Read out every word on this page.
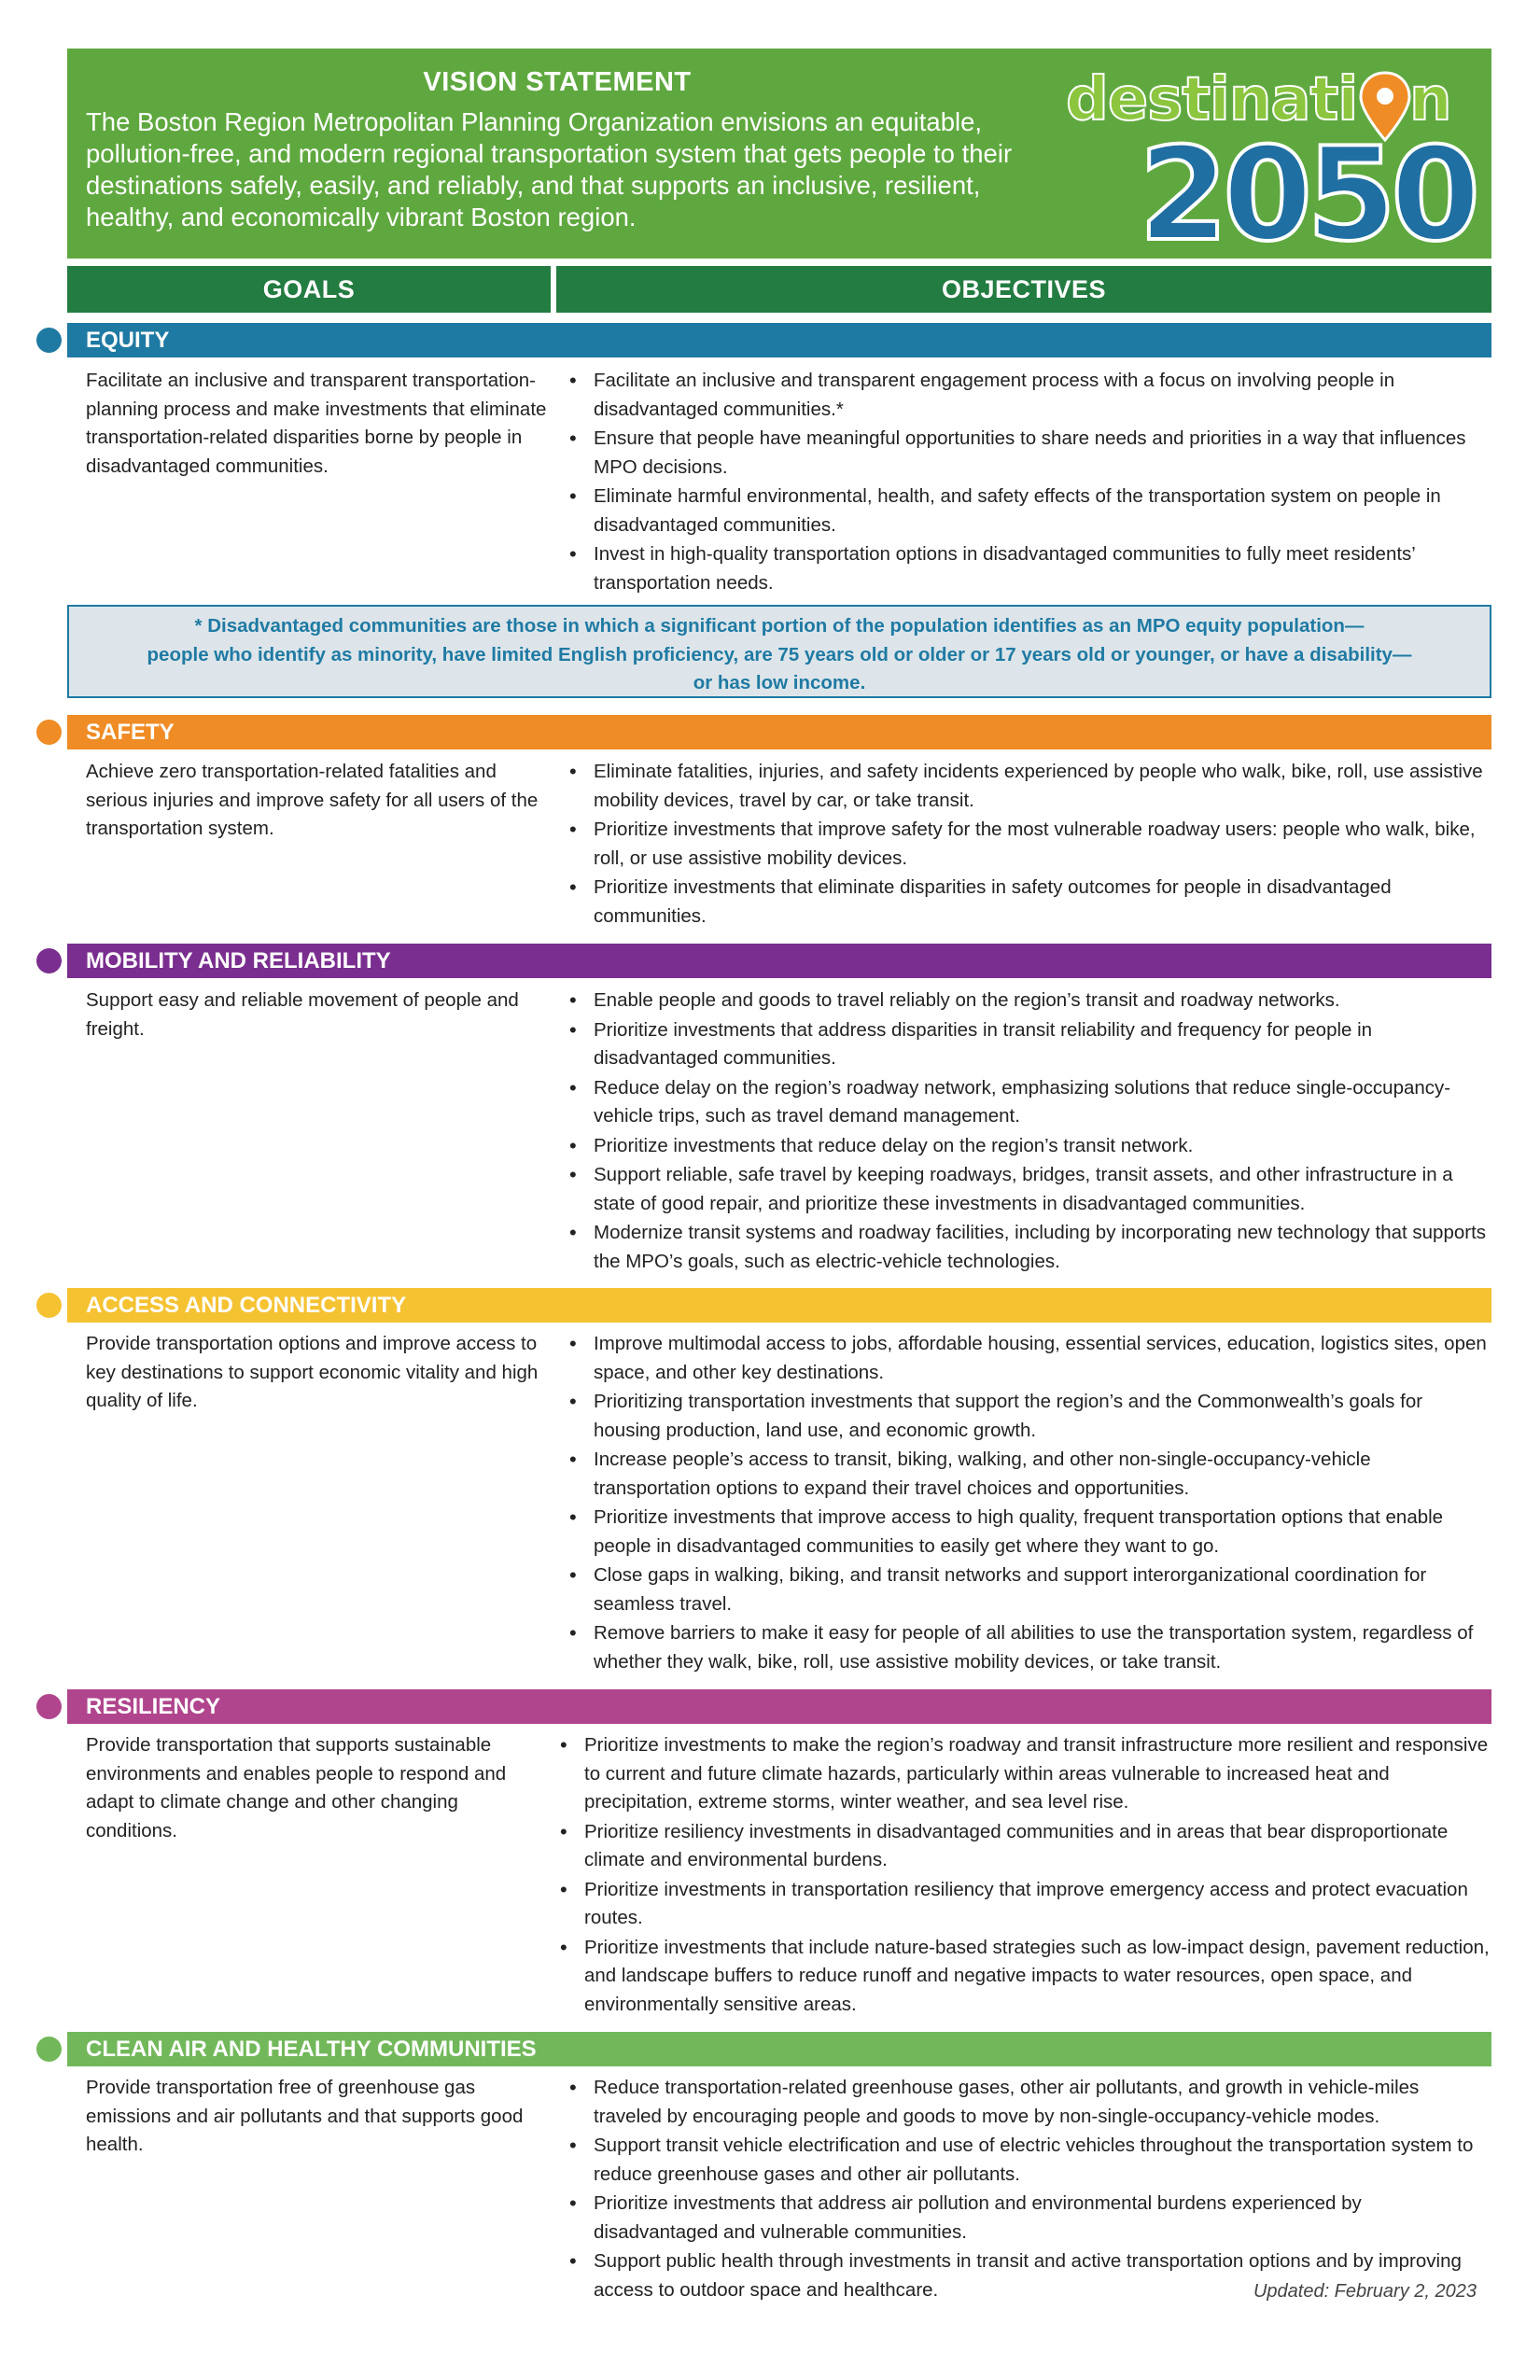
VISION STATEMENT
The Boston Region Metropolitan Planning Organization envisions an equitable, pollution-free, and modern regional transportation system that gets people to their destinations safely, easily, and reliably, and that supports an inclusive, resilient, healthy, and economically vibrant Boston region.
destinati n
2050
GOALS	OBJECTIVES
EQUITY
Facilitate an inclusive and transparent transportation-planning process and make investments that eliminate transportation-related disparities borne by people in disadvantaged communities.
• Facilitate an inclusive and transparent engagement process with a focus on involving people in disadvantaged communities.*
• Ensure that people have meaningful opportunities to share needs and priorities in a way that influences MPO decisions.
• Eliminate harmful environmental, health, and safety effects of the transportation system on people in disadvantaged communities.
• Invest in high-quality transportation options in disadvantaged communities to fully meet residents’ transportation needs.
* Disadvantaged communities are those in which a significant portion of the population identifies as an MPO equity population—
people who identify as minority, have limited English proficiency, are 75 years old or older or 17 years old or younger, or have a disability—
or has low income.
SAFETY
Achieve zero transportation-related fatalities and serious injuries and improve safety for all users of the transportation system.
• Eliminate fatalities, injuries, and safety incidents experienced by people who walk, bike, roll, use assistive mobility devices, travel by car, or take transit.
• Prioritize investments that improve safety for the most vulnerable roadway users: people who walk, bike, roll, or use assistive mobility devices.
• Prioritize investments that eliminate disparities in safety outcomes for people in disadvantaged communities.
MOBILITY AND RELIABILITY
Support easy and reliable movement of people and freight.
• Enable people and goods to travel reliably on the region’s transit and roadway networks.
• Prioritize investments that address disparities in transit reliability and frequency for people in disadvantaged communities.
• Reduce delay on the region’s roadway network, emphasizing solutions that reduce single-occupancy-vehicle trips, such as travel demand management.
• Prioritize investments that reduce delay on the region’s transit network.
• Support reliable, safe travel by keeping roadways, bridges, transit assets, and other infrastructure in a state of good repair, and prioritize these investments in disadvantaged communities.
• Modernize transit systems and roadway facilities, including by incorporating new technology that supports the MPO’s goals, such as electric-vehicle technologies.
ACCESS AND CONNECTIVITY
Provide transportation options and improve access to key destinations to support economic vitality and high quality of life.
• Improve multimodal access to jobs, affordable housing, essential services, education, logistics sites, open space, and other key destinations.
• Prioritizing transportation investments that support the region’s and the Commonwealth’s goals for housing production, land use, and economic growth.
• Increase people’s access to transit, biking, walking, and other non-single-occupancy-vehicle transportation options to expand their travel choices and opportunities.
• Prioritize investments that improve access to high quality, frequent transportation options that enable people in disadvantaged communities to easily get where they want to go.
• Close gaps in walking, biking, and transit networks and support interorganizational coordination for seamless travel.
• Remove barriers to make it easy for people of all abilities to use the transportation system, regardless of whether they walk, bike, roll, use assistive mobility devices, or take transit.
RESILIENCY
Provide transportation that supports sustainable environments and enables people to respond and adapt to climate change and other changing conditions.
• Prioritize investments to make the region’s roadway and transit infrastructure more resilient and responsive to current and future climate hazards, particularly within areas vulnerable to increased heat and precipitation, extreme storms, winter weather, and sea level rise.
• Prioritize resiliency investments in disadvantaged communities and in areas that bear disproportionate climate and environmental burdens.
• Prioritize investments in transportation resiliency that improve emergency access and protect evacuation routes.
• Prioritize investments that include nature-based strategies such as low-impact design, pavement reduction, and landscape buffers to reduce runoff and negative impacts to water resources, open space, and environmentally sensitive areas.
CLEAN AIR AND HEALTHY COMMUNITIES
Provide transportation free of greenhouse gas emissions and air pollutants and that supports good health.
• Reduce transportation-related greenhouse gases, other air pollutants, and growth in vehicle-miles traveled by encouraging people and goods to move by non-single-occupancy-vehicle modes.
• Support transit vehicle electrification and use of electric vehicles throughout the transportation system to reduce greenhouse gases and other air pollutants.
• Prioritize investments that address air pollution and environmental burdens experienced by disadvantaged and vulnerable communities.
• Support public health through investments in transit and active transportation options and by improving access to outdoor space and healthcare.	Updated: February 2, 2023
